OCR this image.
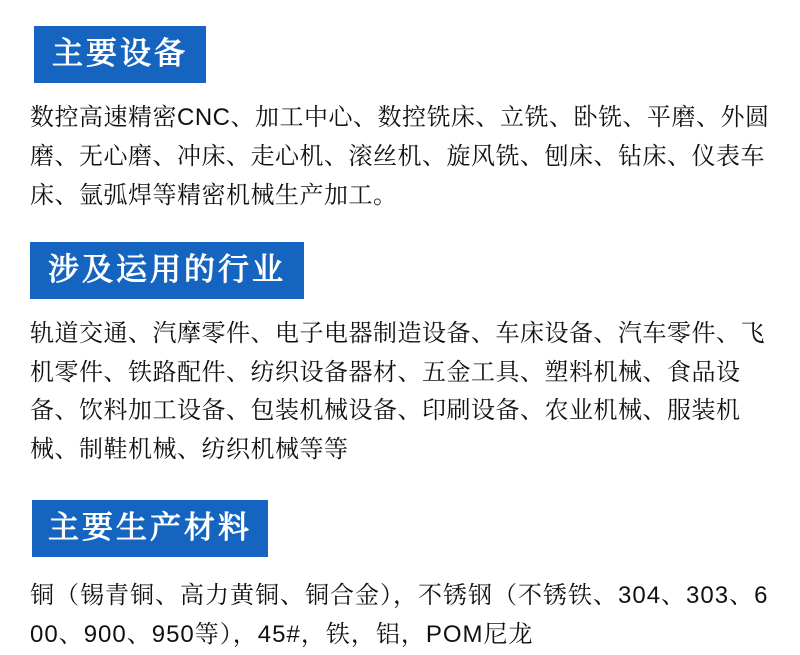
主要设备
数控高速精密CNC、加工中心、数控铣床、立铣、卧铣、平磨、外圆磨、无心磨、冲床、走心机、滚丝机、旋风铣、刨床、钻床、仪表车床、氩弧焊等精密机械生产加工。
涉及运用的行业
轨道交通、汽摩零件、电子电器制造设备、车床设备、汽车零件、飞机零件、铁路配件、纺织设备器材、五金工具、塑料机械、食品设备、饮料加工设备、包装机械设备、印刷设备、农业机械、服装机械、制鞋机械、纺织机械等等
主要生产材料
铜（锡青铜、高力黄铜、铜合金），不锈钢（不锈铁、304、303、600、900、950等），45#，铁，铝，POM尼龙
